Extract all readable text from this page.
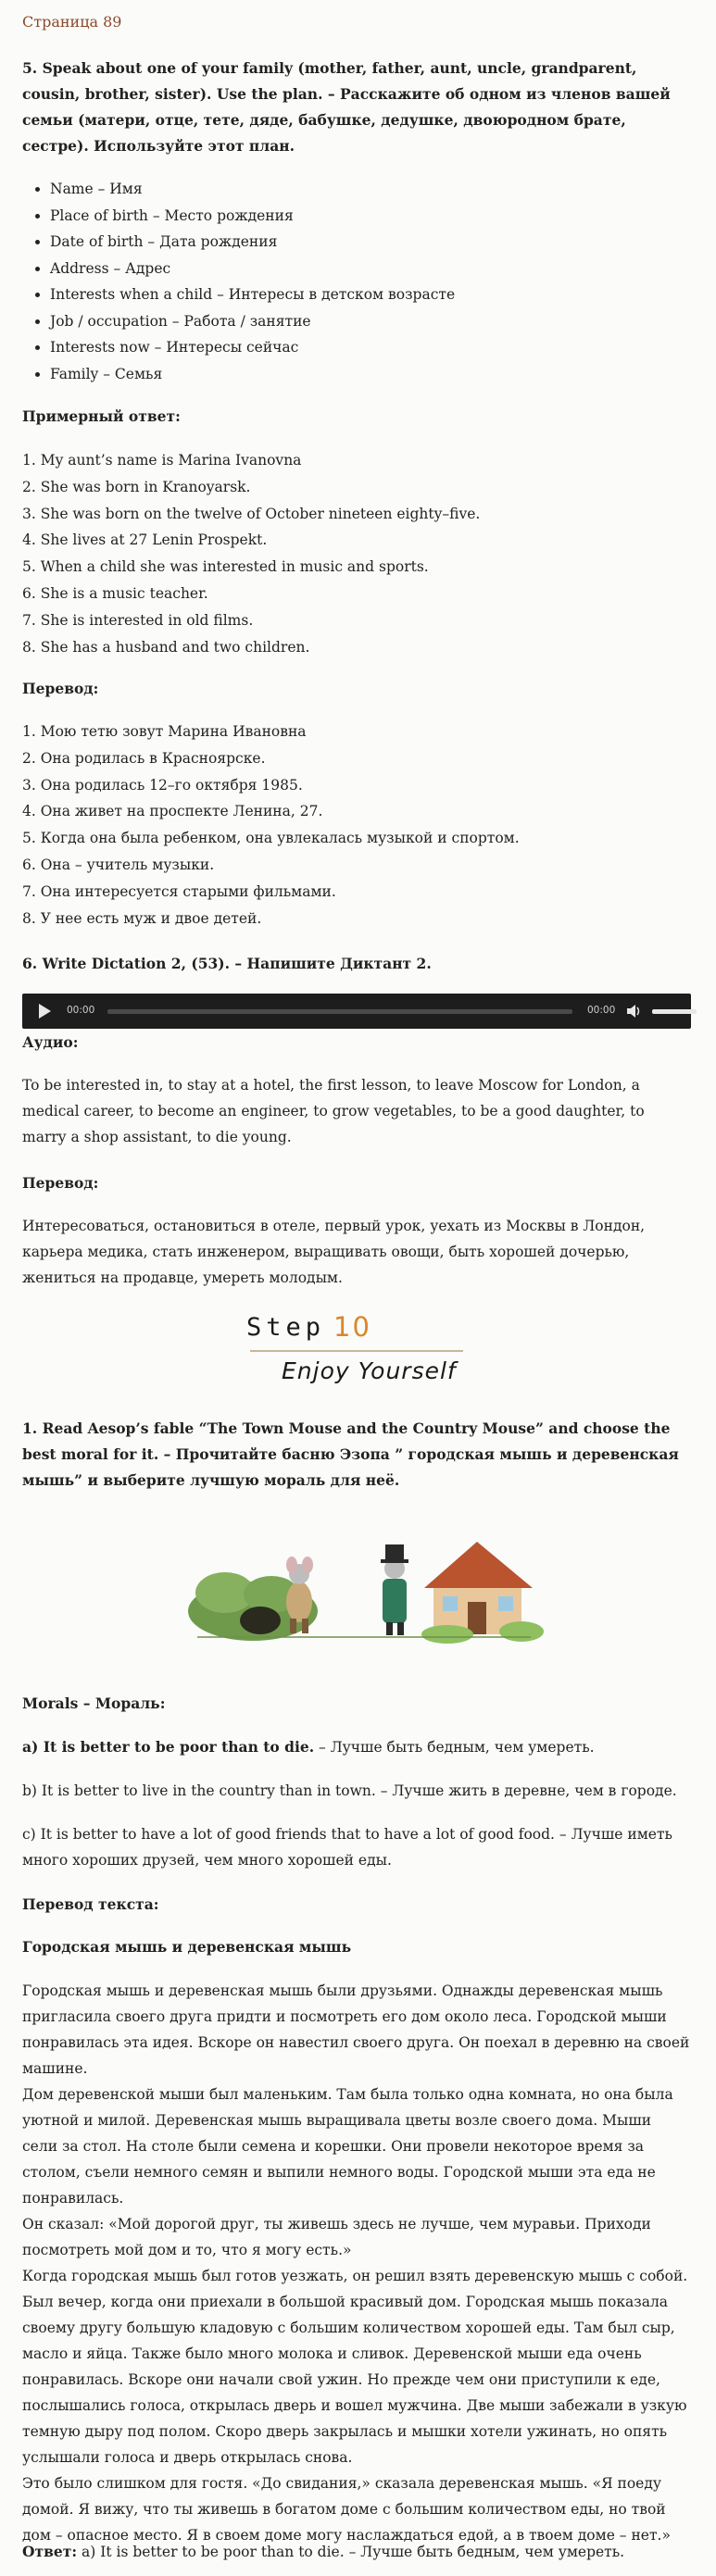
Страница 89
5. Speak about one of your family (mother, father, aunt, uncle, grandparent, cousin, brother, sister). Use the plan. – Расскажите об одном из членов вашей семьи (матери, отце, тете, дяде, бабушке, дедушке, двоюродном брате, сестре). Используйте этот план.
• Name – Имя
• Place of birth – Место рождения
• Date of birth – Дата рождения
• Address – Адрес
• Interests when a child – Интересы в детском возрасте
• Job / occupation – Работа / занятие
• Interests now – Интересы сейчас
• Family – Семья
Примерный ответ:
1. My aunt’s name is Marina Ivanovna
2. She was born in Kranoyarsk.
3. She was born on the twelve of October nineteen eighty–five.
4. She lives at 27 Lenin Prospekt.
5. When a child she was interested in music and sports.
6. She is a music teacher.
7. She is interested in old films.
8. She has a husband and two children.
Перевод:
1. Мою тетю зовут Марина Ивановна
2. Она родилась в Красноярске.
3. Она родилась 12–го октября 1985.
4. Она живет на проспекте Ленина, 27.
5. Когда она была ребенком, она увлекалась музыкой и спортом.
6. Она – учитель музыки.
7. Она интересуется старыми фильмами.
8. У нее есть муж и двое детей.
6. Write Dictation 2, (53). – Напишите Диктант 2.
00:00	00:00
Аудио:
To be interested in, to stay at a hotel, the first lesson, to leave Moscow for London, a medical career, to become an engineer, to grow vegetables, to be a good daughter, to marry a shop assistant, to die young.
Перевод:
Интересоваться, остановиться в отеле, первый урок, уехать из Москвы в Лондон, карьера медика, стать инженером, выращивать овощи, быть хорошей дочерью, жениться на продавце, умереть молодым.
Step 10
Enjoy Yourself
1. Read Aesop’s fable “The Town Mouse and the Country Mouse” and choose the best moral for it. – Прочитайте басню Эзопа ” городская мышь и деревенская мышь” и выберите лучшую мораль для неё.
Morals – Мораль:
a) It is better to be poor than to die. – Лучше быть бедным, чем умереть.
b) It is better to live in the country than in town. – Лучше жить в деревне, чем в городе.
c) It is better to have a lot of good friends that to have a lot of good food. – Лучше иметь много хороших друзей, чем много хорошей еды.
Перевод текста:
Городская мышь и деревенская мышь
Городская мышь и деревенская мышь были друзьями. Однажды деревенская мышь пригласила своего друга придти и посмотреть его дом около леса. Городской мыши понравилась эта идея. Вскоре он навестил своего друга. Он поехал в деревню на своей машине.
Дом деревенской мыши был маленьким. Там была только одна комната, но она была уютной и милой. Деревенская мышь выращивала цветы возле своего дома. Мыши сели за стол. На столе были семена и корешки. Они провели некоторое время за столом, съели немного семян и выпили немного воды. Городской мыши эта еда не понравилась.
Он сказал: «Мой дорогой друг, ты живешь здесь не лучше, чем муравьи. Приходи посмотреть мой дом и то, что я могу есть.»
Когда городская мышь был готов уезжать, он решил взять деревенскую мышь с собой. Был вечер, когда они приехали в большой красивый дом. Городская мышь показала своему другу большую кладовую с большим количеством хорошей еды. Там был сыр, масло и яйца. Также было много молока и сливок. Деревенской мыши еда очень понравилась. Вскоре они начали свой ужин. Но прежде чем они приступили к еде, послышались голоса, открылась дверь и вошел мужчина. Две мыши забежали в узкую темную дыру под полом. Скоро дверь закрылась и мышки хотели ужинать, но опять услышали голоса и дверь открылась снова.
Это было слишком для гостя. «До свидания,» сказала деревенская мышь. «Я поеду домой. Я вижу, что ты живешь в богатом доме с большим количеством еды, но твой дом – опасное место. Я в своем доме могу наслаждаться едой, а в твоем доме – нет.»
Ответ: a) It is better to be poor than to die. – Лучше быть бедным, чем умереть.
